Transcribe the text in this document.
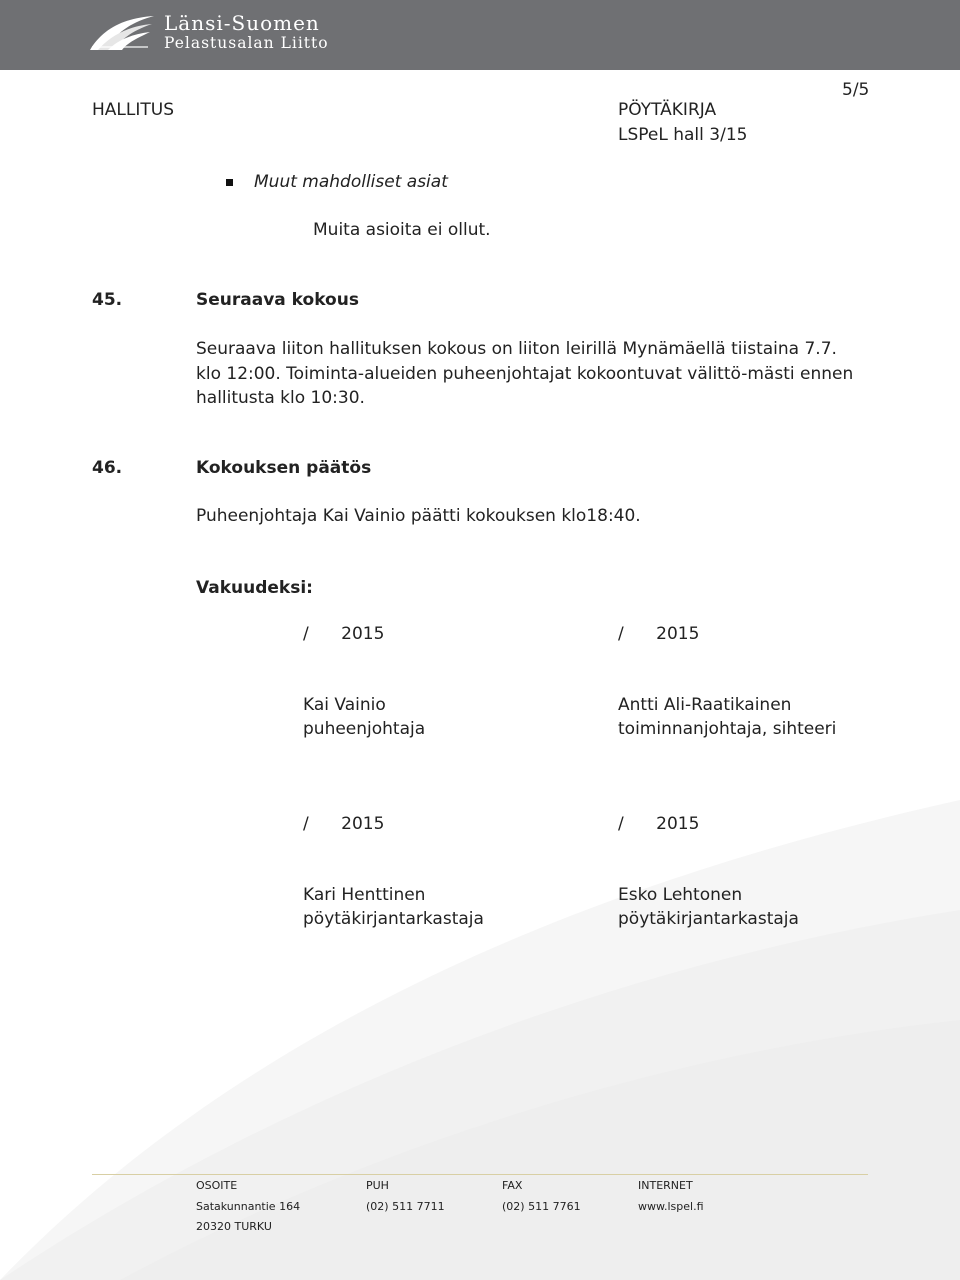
Länsi-Suomen
Pelastusalan Liitto
HALLITUS	PÖYTÄKIRJA
LSPeL hall 3/15
5/5
Muut mahdolliset asiat
Muita asioita ei ollut.
45.	Seuraava kokous
Seuraava liiton hallituksen kokous on liiton leirillä Mynämäellä tiistaina 7.7. klo 12:00. Toiminta-alueiden puheenjohtajat kokoontuvat välittö-mästi ennen hallitusta klo 10:30.
46.	Kokouksen päätös
Puheenjohtaja Kai Vainio päätti kokouksen klo18:40.
Vakuudeksi:
/      2015	/      2015
Kai Vainio
puheenjohtaja
Antti Ali-Raatikainen
toiminnanjohtaja, sihteeri
/      2015	/      2015
Kari Henttinen
pöytäkirjantarkastaja
Esko Lehtonen
pöytäkirjantarkastaja
OSOITE
Satakunnantie 164
20320 TURKU
PUH
(02) 511 7711
FAX
(02) 511 7761
INTERNET
www.lspel.fi
